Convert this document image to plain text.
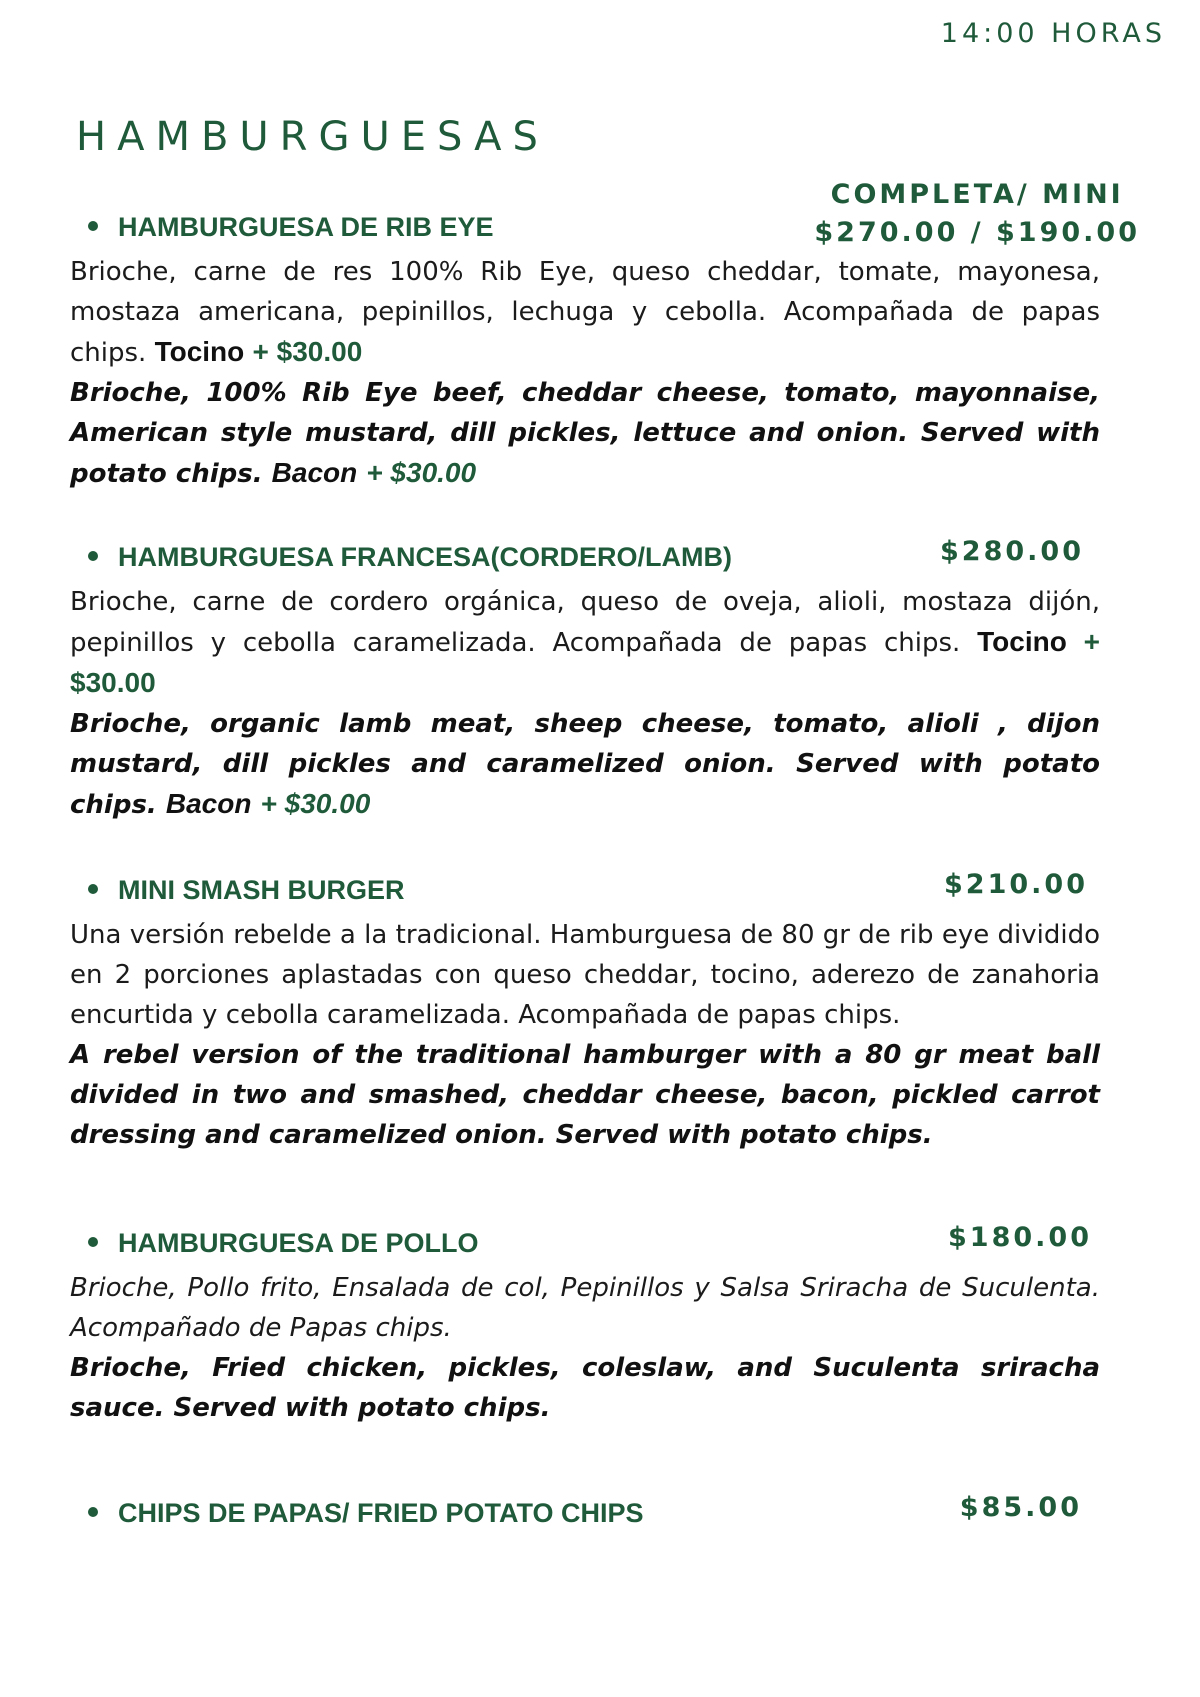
14:00 HORAS
HAMBURGUESAS
COMPLETA/ MINI
$270.00 / $190.00
HAMBURGUESA DE RIB EYE

Brioche, carne de res 100% Rib Eye, queso cheddar, tomate, mayonesa, mostaza americana, pepinillos, lechuga y cebolla. Acompañada de papas chips. Tocino + $30.00

Brioche, 100% Rib Eye beef, cheddar cheese, tomato, mayonnaise, American style mustard, dill pickles, lettuce and onion. Served with potato chips. Bacon + $30.00

HAMBURGUESA FRANCESA(CORDERO/LAMB)	$280.00

Brioche, carne de cordero orgánica, queso de oveja, alioli, mostaza dijón, pepinillos y cebolla caramelizada. Acompañada de papas chips. Tocino + $30.00

Brioche, organic lamb meat, sheep cheese, tomato, alioli , dijon mustard, dill pickles and caramelized onion. Served with potato chips. Bacon + $30.00

MINI SMASH BURGER	$210.00

Una versión rebelde a la tradicional. Hamburguesa de 80 gr de rib eye dividido en 2 porciones aplastadas con queso cheddar, tocino, aderezo de zanahoria encurtida y cebolla caramelizada. Acompañada de papas chips.

A rebel version of the traditional hamburger with a 80 gr meat ball divided in two and smashed, cheddar cheese, bacon, pickled carrot dressing and caramelized onion. Served with potato chips.

HAMBURGUESA DE POLLO	$180.00

Brioche, Pollo frito, Ensalada de col, Pepinillos y Salsa Sriracha de Suculenta. Acompañado de Papas chips.

Brioche, Fried chicken, pickles, coleslaw, and Suculenta sriracha sauce. Served with potato chips.

CHIPS DE PAPAS/ FRIED POTATO CHIPS	$85.00
